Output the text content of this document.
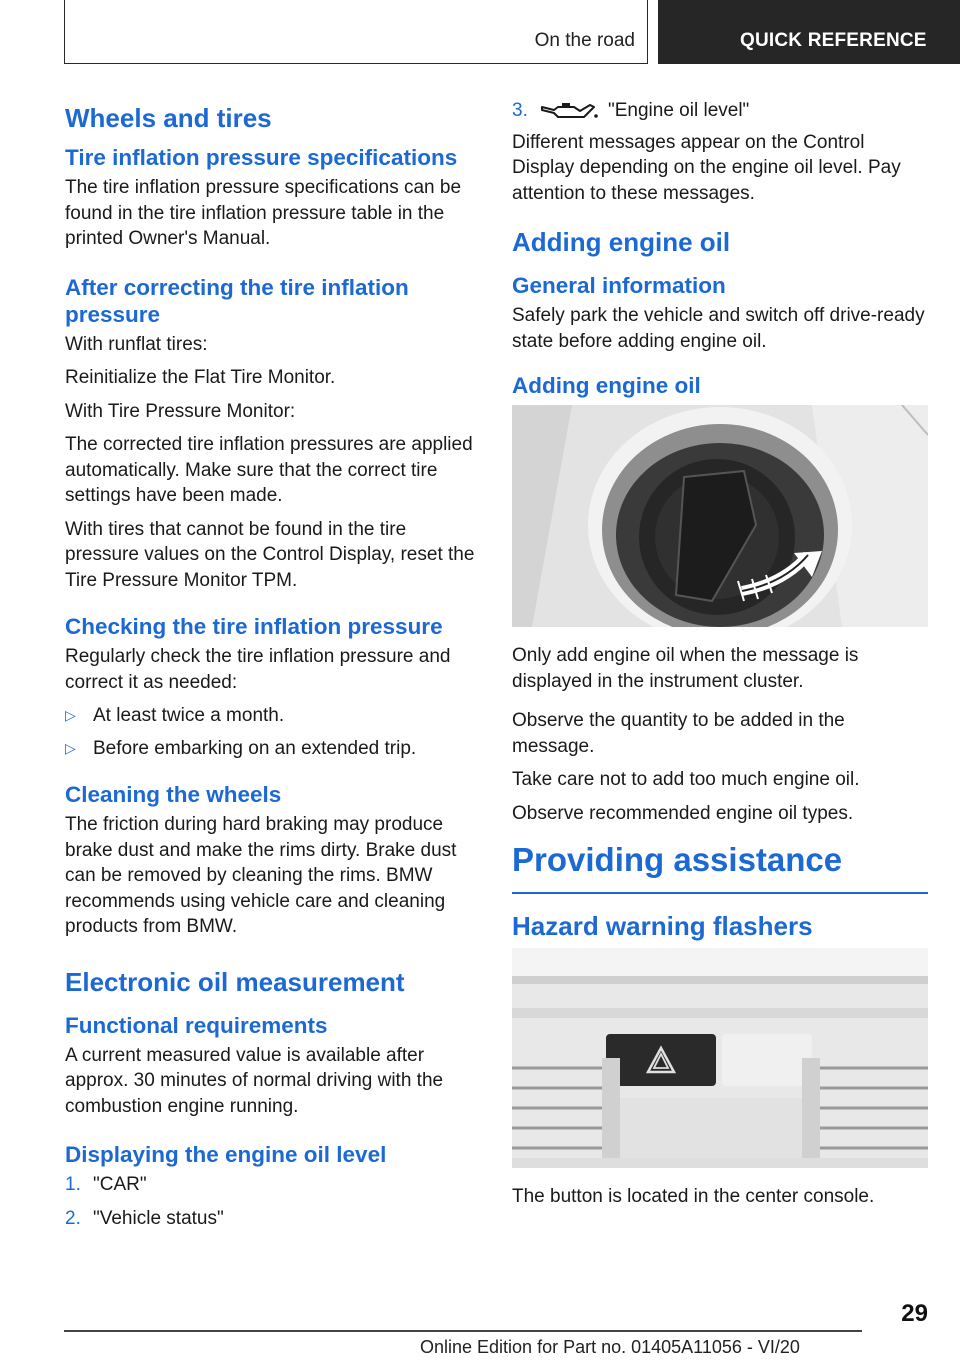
On the road	QUICK REFERENCE
Wheels and tires
Tire inflation pressure specifications

The tire inflation pressure specifications can be found in the tire inflation pressure table in the printed Owner's Manual.

After correcting the tire inflation pressure

With runflat tires:

Reinitialize the Flat Tire Monitor.

With Tire Pressure Monitor:

The corrected tire inflation pressures are applied automatically. Make sure that the correct tire settings have been made.

With tires that cannot be found in the tire pressure values on the Control Display, reset the Tire Pressure Monitor TPM.

Checking the tire inflation pressure

Regularly check the tire inflation pressure and correct it as needed:

▷ At least twice a month.
▷ Before embarking on an extended trip.
Cleaning the wheels

The friction during hard braking may produce brake dust and make the rims dirty. Brake dust can be removed by cleaning the rims. BMW recommends using vehicle care and cleaning products from BMW.

Electronic oil measurement
Functional requirements

A current measured value is available after approx. 30 minutes of normal driving with the combustion engine running.

Displaying the engine oil level
1. "CAR"
2. "Vehicle status"
3.	"Engine oil level"

Different messages appear on the Control Display depending on the engine oil level. Pay attention to these messages.

Adding engine oil
General information

Safely park the vehicle and switch off drive-ready state before adding engine oil.

Adding engine oil

Only add engine oil when the message is displayed in the instrument cluster.

Observe the quantity to be added in the message.

Take care not to add too much engine oil.

Observe recommended engine oil types.

Providing assistance
Hazard warning flashers

The button is located in the center console.

29
Online Edition for Part no. 01405A11056 - VI/20
